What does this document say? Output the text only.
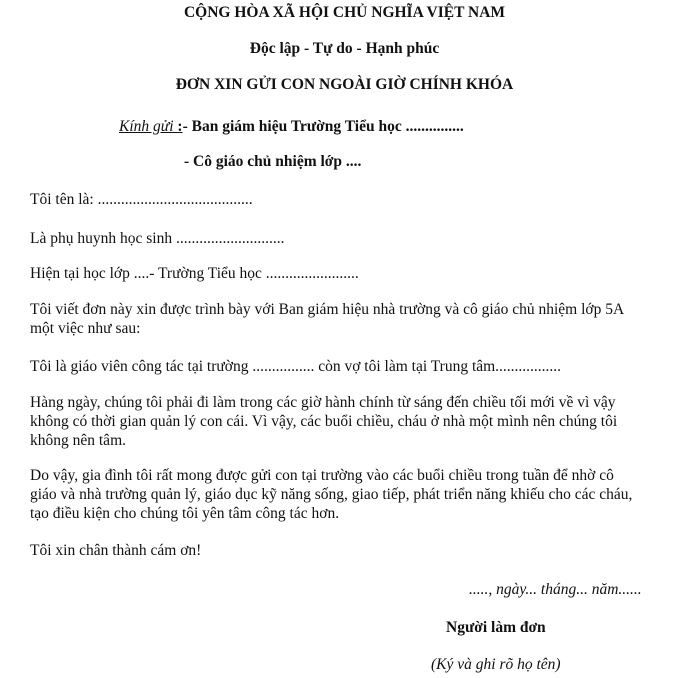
CỘNG HÒA XÃ HỘI CHỦ NGHĨA VIỆT NAM
Độc lập - Tự do - Hạnh phúc
ĐƠN XIN GỬI CON NGOÀI GIỜ CHÍNH KHÓA
Kính gửi :- Ban giám hiệu Trường Tiểu học ...............
- Cô giáo chủ nhiệm lớp ....
Tôi tên là: ........................................
Là phụ huynh học sinh ............................
Hiện tại học lớp ....- Trường Tiểu học ........................
Tôi viết đơn này xin được trình bày với Ban giám hiệu nhà trường và cô giáo chủ nhiệm lớp 5A
một việc như sau:
Tôi là giáo viên công tác tại trường ................ còn vợ tôi làm tại Trung tâm.................
Hàng ngày, chúng tôi phải đi làm trong các giờ hành chính từ sáng đến chiều tối mới về vì vậy
không có thời gian quản lý con cái. Vì vậy, các buổi chiều, cháu ở nhà một mình nên chúng tôi
không nên tâm.
Do vậy, gia đình tôi rất mong được gửi con tại trường vào các buổi chiều trong tuần để nhờ cô
giáo và nhà trường quản lý, giáo dục kỹ năng sống, giao tiếp, phát triển năng khiếu cho các cháu,
tạo điều kiện cho chúng tôi yên tâm công tác hơn.
Tôi xin chân thành cám ơn!
....., ngày... tháng... năm......
Người làm đơn
(Ký và ghi rõ họ tên)
